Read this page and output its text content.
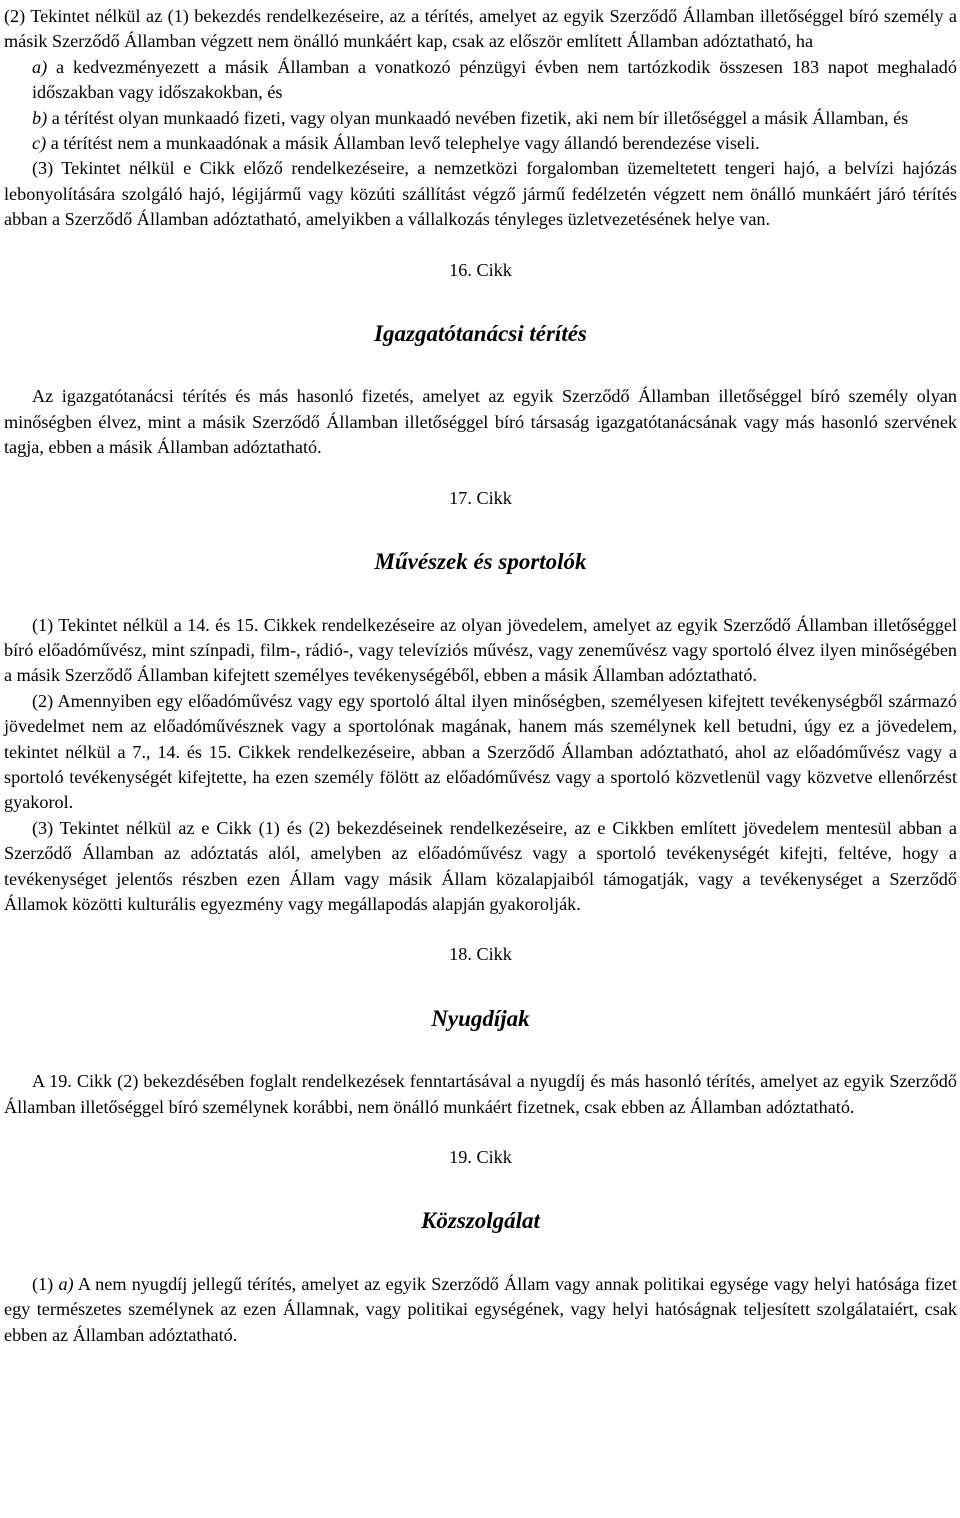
(2) Tekintet nélkül az (1) bekezdés rendelkezéseire, az a térítés, amelyet az egyik Szerződő Államban illetőséggel bíró személy a másik Szerződő Államban végzett nem önálló munkáért kap, csak az először említett Államban adóztatható, ha

a) a kedvezményezett a másik Államban a vonatkozó pénzügyi évben nem tartózkodik összesen 183 napot meghaladó időszakban vagy időszakokban, és

b) a térítést olyan munkaadó fizeti, vagy olyan munkaadó nevében fizetik, aki nem bír illetőséggel a másik Államban, és

c) a térítést nem a munkaadónak a másik Államban levő telephelye vagy állandó berendezése viseli.

(3) Tekintet nélkül e Cikk előző rendelkezéseire, a nemzetközi forgalomban üzemeltetett tengeri hajó, a belvízi hajózás lebonyolítására szolgáló hajó, légijármű vagy közúti szállítást végző jármű fedélzetén végzett nem önálló munkáért járó térítés abban a Szerződő Államban adóztatható, amelyikben a vállalkozás tényleges üzletvezetésének helye van.

16. Cikk

Igazgatótanácsi térítés

Az igazgatótanácsi térítés és más hasonló fizetés, amelyet az egyik Szerződő Államban illetőséggel bíró személy olyan minőségben élvez, mint a másik Szerződő Államban illetőséggel bíró társaság igazgatótanácsának vagy más hasonló szervének tagja, ebben a másik Államban adóztatható.

17. Cikk

Művészek és sportolók

(1) Tekintet nélkül a 14. és 15. Cikkek rendelkezéseire az olyan jövedelem, amelyet az egyik Szerződő Államban illetőséggel bíró előadóművész, mint színpadi, film-, rádió-, vagy televíziós művész, vagy zeneművész vagy sportoló élvez ilyen minőségében a másik Szerződő Államban kifejtett személyes tevékenységéből, ebben a másik Államban adóztatható.

(2) Amennyiben egy előadóművész vagy egy sportoló által ilyen minőségben, személyesen kifejtett tevékenységből származó jövedelmet nem az előadóművésznek vagy a sportolónak magának, hanem más személynek kell betudni, úgy ez a jövedelem, tekintet nélkül a 7., 14. és 15. Cikkek rendelkezéseire, abban a Szerződő Államban adóztatható, ahol az előadóművész vagy a sportoló tevékenységét kifejtette, ha ezen személy fölött az előadóművész vagy a sportoló közvetlenül vagy közvetve ellenőrzést gyakorol.

(3) Tekintet nélkül az e Cikk (1) és (2) bekezdéseinek rendelkezéseire, az e Cikkben említett jövedelem mentesül abban a Szerződő Államban az adóztatás alól, amelyben az előadóművész vagy a sportoló tevékenységét kifejti, feltéve, hogy a tevékenységet jelentős részben ezen Állam vagy másik Állam közalapjaiból támogatják, vagy a tevékenységet a Szerződő Államok közötti kulturális egyezmény vagy megállapodás alapján gyakorolják.

18. Cikk

Nyugdíjak

A 19. Cikk (2) bekezdésében foglalt rendelkezések fenntartásával a nyugdíj és más hasonló térítés, amelyet az egyik Szerződő Államban illetőséggel bíró személynek korábbi, nem önálló munkáért fizetnek, csak ebben az Államban adóztatható.

19. Cikk

Közszolgálat

(1) a) A nem nyugdíj jellegű térítés, amelyet az egyik Szerződő Állam vagy annak politikai egysége vagy helyi hatósága fizet egy természetes személynek az ezen Államnak, vagy politikai egységének, vagy helyi hatóságnak teljesített szolgálataiért, csak ebben az Államban adóztatható.
